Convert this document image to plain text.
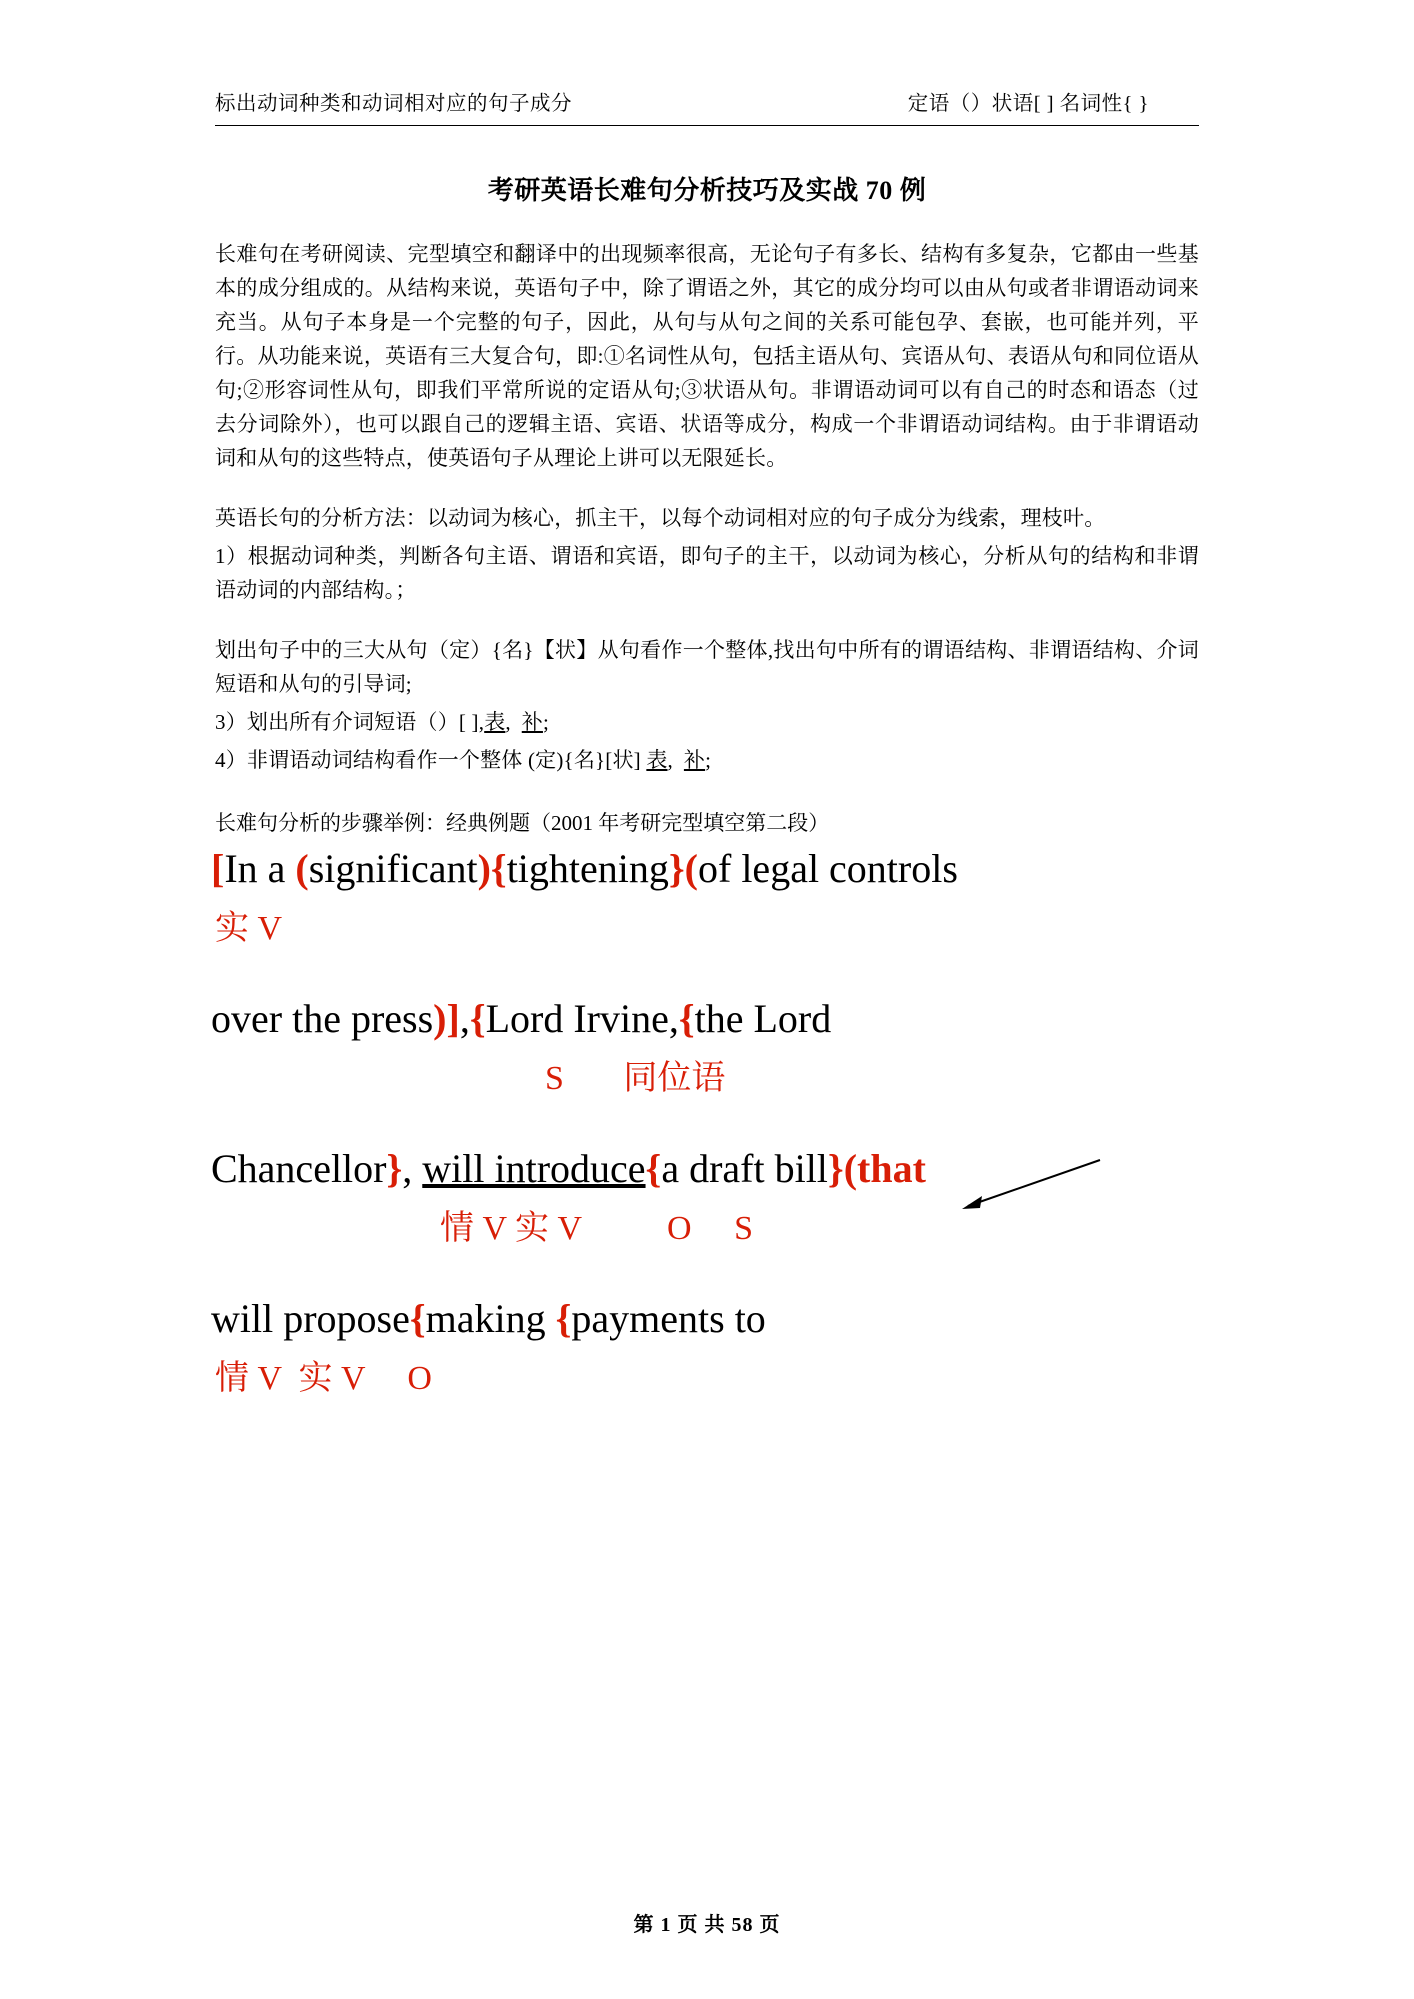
标出动词种类和动词相对应的句子成分	定语（）状语[ ] 名词性{ }
考研英语长难句分析技巧及实战 70 例
长难句在考研阅读、完型填空和翻译中的出现频率很高，无论句子有多长、结构有多复杂，它都由一些基本的成分组成的。从结构来说，英语句子中，除了谓语之外，其它的成分均可以由从句或者非谓语动词来充当。从句子本身是一个完整的句子，因此，从句与从句之间的关系可能包孕、套嵌，也可能并列，平行。从功能来说，英语有三大复合句，即:①名词性从句，包括主语从句、宾语从句、表语从句和同位语从句;②形容词性从句，即我们平常所说的定语从句;③状语从句。非谓语动词可以有自己的时态和语态（过去分词除外），也可以跟自己的逻辑主语、宾语、状语等成分，构成一个非谓语动词结构。由于非谓语动词和从句的这些特点，使英语句子从理论上讲可以无限延长。
英语长句的分析方法：以动词为核心，抓主干，以每个动词相对应的句子成分为线索，理枝叶。
1）根据动词种类，判断各句主语、谓语和宾语，即句子的主干，以动词为核心，分析从句的结构和非谓语动词的内部结构。；
划出句子中的三大从句（定）{名}【状】从句看作一个整体,找出句中所有的谓语结构、非谓语结构、介词短语和从句的引导词;
3）划出所有介词短语（）[ ],表, 补;
4）非谓语动词结构看作一个整体 (定){名}[状] 表, 补;
长难句分析的步骤举例：经典例题（2001 年考研完型填空第二段）
[In a (significant){tightening}(of legal controls
实 V
over the press)],{Lord Irvine,{the Lord
S 同位语
Chancellor}, will introduce{a draft bill}(that
情 V 实 V	O S
will propose{making {payments to
情 V  实 V     O
第 1 页 共 58 页
